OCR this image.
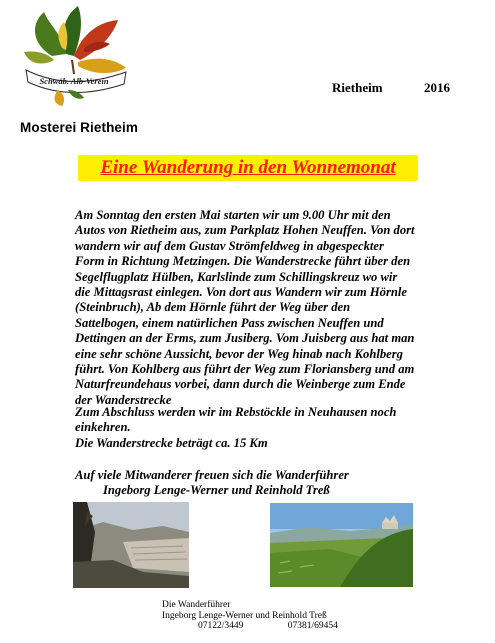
Schwäb. Alb-Verein
Mosterei Rietheim
Rietheim	2016
Eine Wanderung in den Wonnemonat

Am Sonntag den ersten Mai starten wir um 9.00 Uhr mit den Autos von Rietheim aus, zum Parkplatz Hohen Neuffen. Von dort wandern wir auf dem Gustav Strömfeldweg in abgespeckter Form in Richtung Metzingen. Die Wanderstrecke führt über den Segelflugplatz Hülben, Karlslinde zum Schillingskreuz wo wir die Mittagsrast einlegen. Von dort aus Wandern wir zum Hörnle (Steinbruch), Ab dem Hörnle führt der Weg über den Sattelbogen, einem natürlichen Pass zwischen Neuffen und Dettingen an der Erms, zum Jusiberg. Vom Juisberg aus hat man eine sehr schöne Aussicht, bevor der Weg hinab nach Kohlberg führt. Von Kohlberg aus führt der Weg zum Floriansberg und am Naturfreundehaus vorbei, dann durch die Weinberge zum Ende der Wanderstrecke

Zum Abschluss werden wir im Rebstöckle in Neuhausen noch einkehren.

Die Wanderstrecke beträgt ca. 15 Km

Auf viele Mitwanderer freuen sich die Wanderführer
Ingeborg Lenge-Werner und Reinhold Treß
Die Wanderführer
Ingeborg Lenge-Werner und Reinhold Treß
07122/3449	07381/69454
